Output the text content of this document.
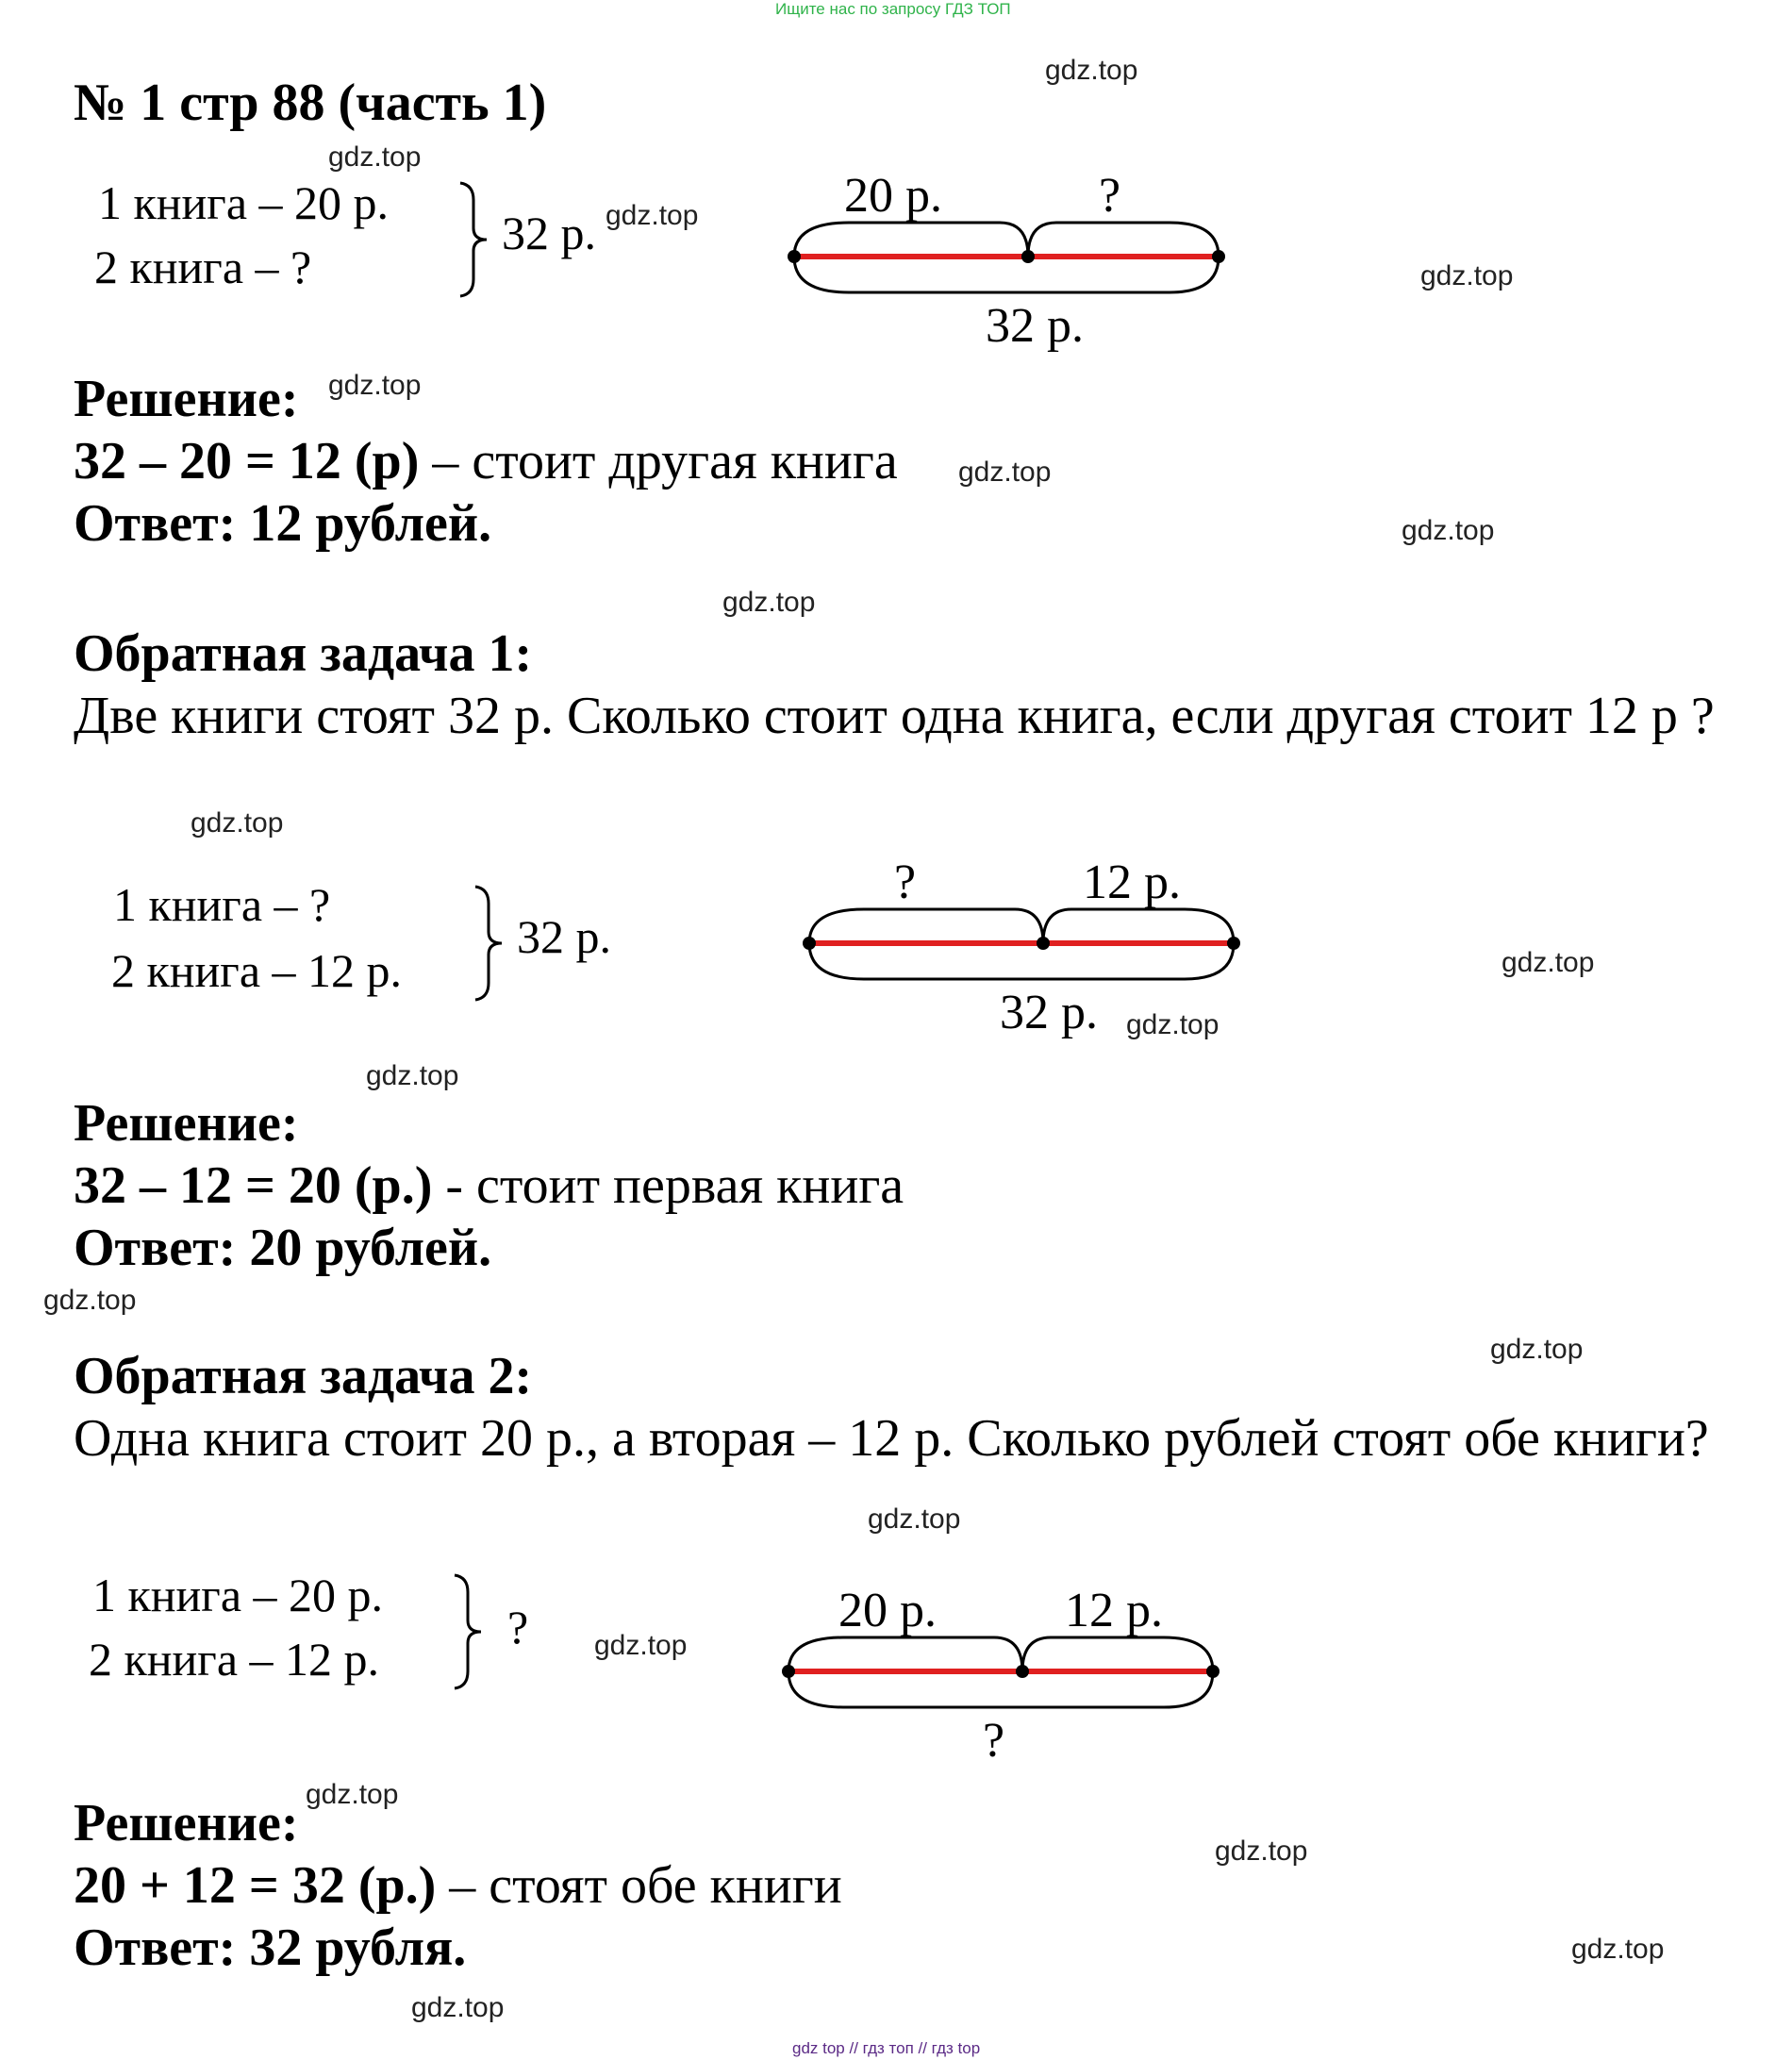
Ищите нас по запросу ГДЗ ТОП
№ 1 стр 88 (часть 1)
1 книга – 20 р.
2 книга – ?
32 р.
20 р.	?
32 р.
Решение:
32 – 20 = 12 (р) – стоит другая книга
Ответ: 12 рублей.
Обратная задача 1:
Две книги стоят 32 р. Сколько стоит одна книга, если другая стоит 12 р ?
1 книга – ?
2 книга – 12 р.
32 р.
?	12 р.
32 р.
Решение:
32 – 12 = 20 (р.) - стоит первая книга
Ответ: 20 рублей.
Обратная задача 2:
Одна книга стоит 20 р., а вторая – 12 р. Сколько рублей стоят обе книги?
1 книга – 20 р.
2 книга – 12 р.
?	20 р.	12 р.
?
Решение:
20 + 12 = 32 (р.) – стоят обе книги
Ответ: 32 рубля.
gdz.top
gdz.top
gdz.top
gdz.top
gdz.top
gdz.top
gdz.top
gdz.top
gdz.top
gdz.top
gdz.top
gdz.top
gdz.top
gdz.top
gdz.top
gdz.top
gdz.top
gdz.top
gdz.top
gdz.top
gdz top // гдз топ // гдз top
